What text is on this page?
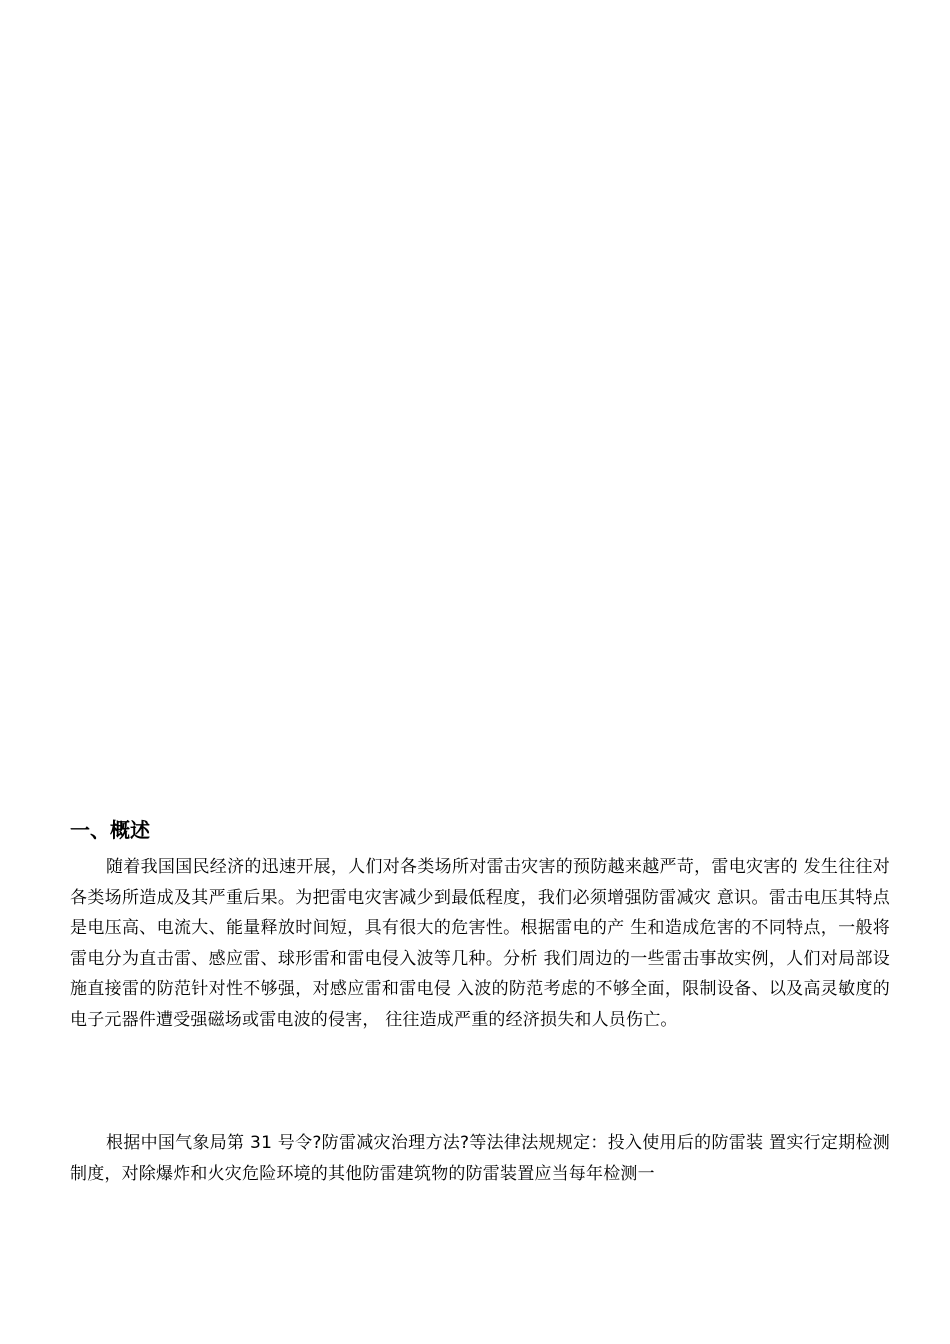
一、概述

随着我国国民经济的迅速开展，人们对各类场所对雷击灾害的预防越来越严苛，雷电灾害的 发生往往对各类场所造成及其严重后果。为把雷电灾害减少到最低程度，我们必须增强防雷减灾 意识。雷击电压其特点是电压高、电流大、能量释放时间短，具有很大的危害性。根据雷电的产 生和造成危害的不同特点，一般将雷电分为直击雷、感应雷、球形雷和雷电侵入波等几种。分析 我们周边的一些雷击事故实例，人们对局部设施直接雷的防范针对性不够强，对感应雷和雷电侵 入波的防范考虑的不够全面，限制设备、以及高灵敏度的电子元器件遭受强磁场或雷电波的侵害， 往往造成严重的经济损失和人员伤亡。

根据中国气象局第 31 号令?防雷减灾治理方法?等法律法规规定：投入使用后的防雷装 置实行定期检测制度，对除爆炸和火灾危险环境的其他防雷建筑物的防雷装置应当每年检测一
